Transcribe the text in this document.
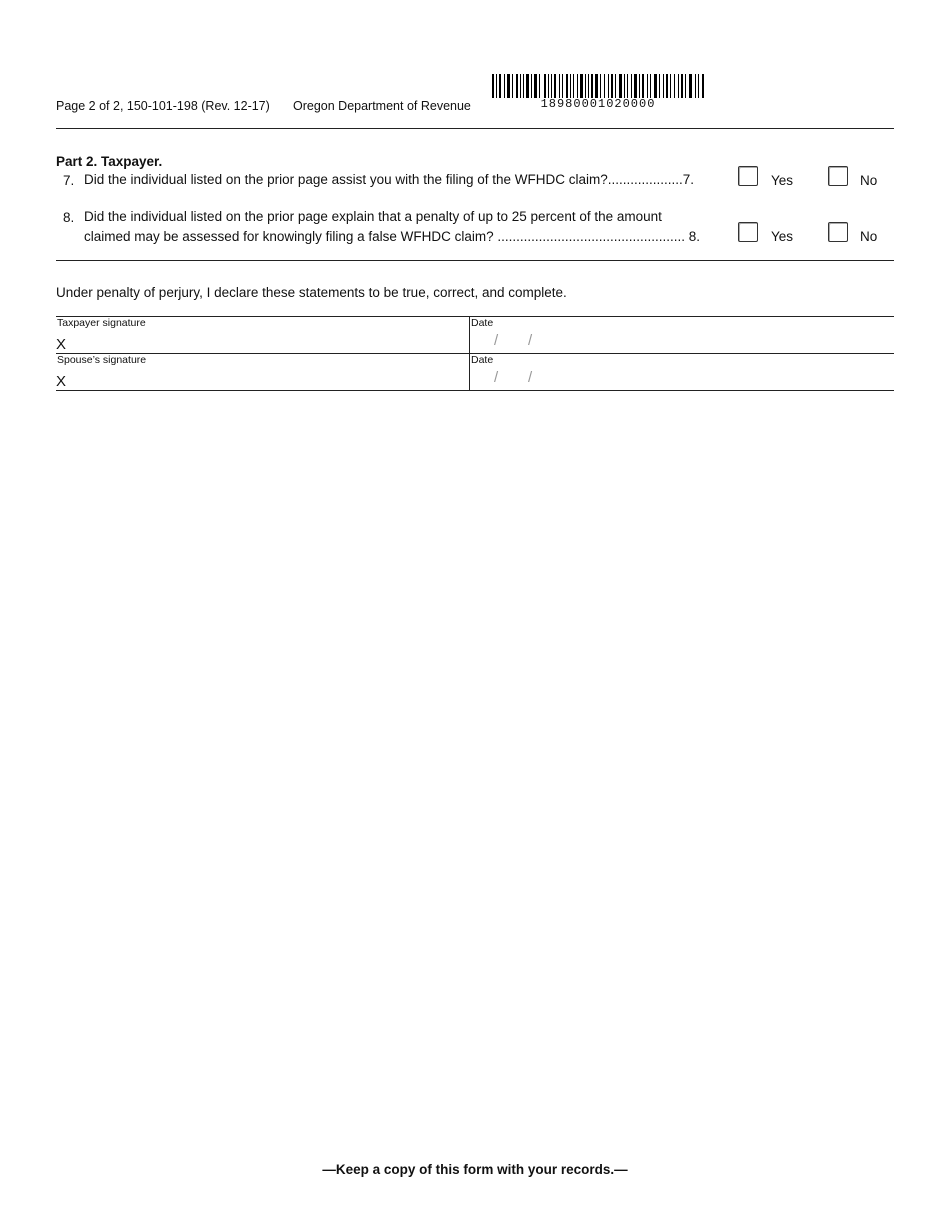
Page 2 of 2, 150-101-198 (Rev. 12-17) Oregon Department of Revenue	18980001020000
Part 2. Taxpayer.
7. Did the individual listed on the prior page assist you with the filing of the WFHDC claim?....................7.	Yes	No
8. Did the individual listed on the prior page explain that a penalty of up to 25 percent of the amount
claimed may be assessed for knowingly filing a false WFHDC claim? .................................................. 8.	Yes	No
Under penalty of perjury, I declare these statements to be true, correct, and complete.
Taxpayer signature
X
Date
/ /
Spouse’s signature
X
Date
/ /
—Keep a copy of this form with your records.—
